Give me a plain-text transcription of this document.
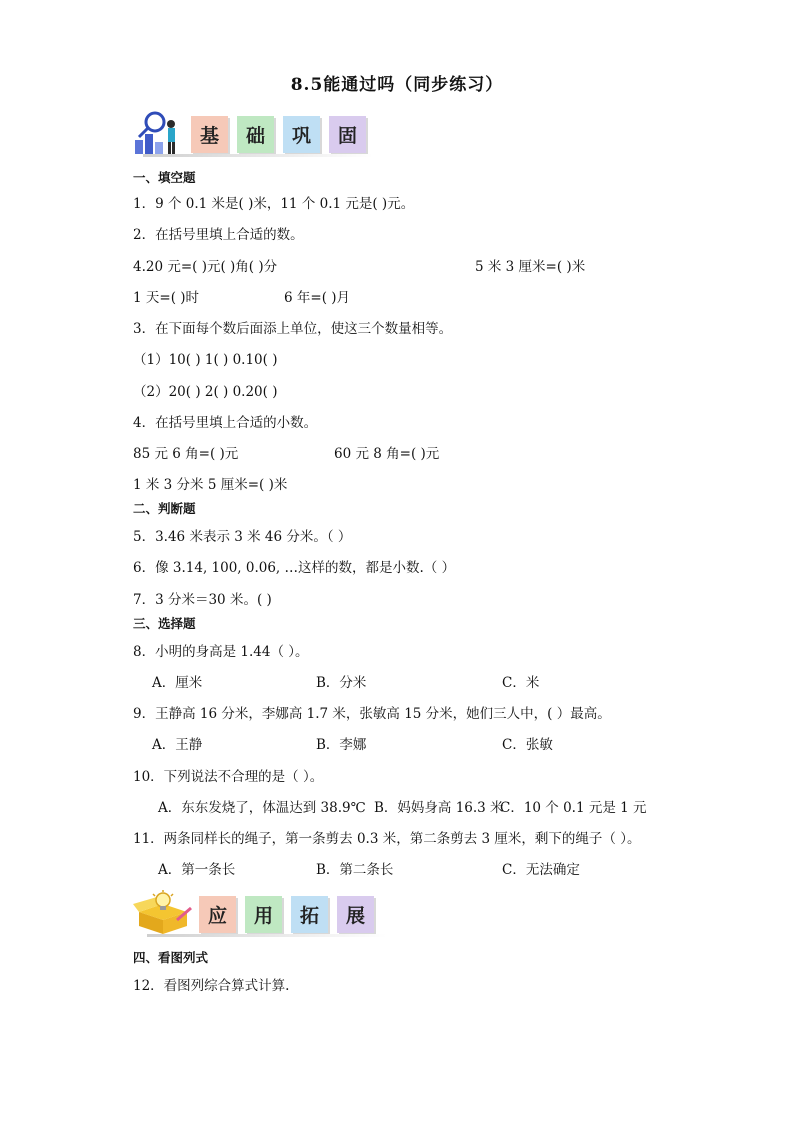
8.5能通过吗（同步练习）
基	础	巩	固
一、填空题
1．9 个 0.1 米是( )米，11 个 0.1 元是( )元。
2．在括号里填上合适的数。
4.20 元=( )元( )角( )分	5 米 3 厘米=( )米
1 天=( )时	6 年=( )月
3．在下面每个数后面添上单位，使这三个数量相等。
（1）10( ) 1( ) 0.10( )
（2）20( ) 2( ) 0.20( )
4．在括号里填上合适的小数。
85 元 6 角=( )元	60 元 8 角=( )元
1 米 3 分米 5 厘米=( )米
二、判断题
5．3.46 米表示 3 米 46 分米。（ ）
6．像 3.14, 100, 0.06, …这样的数，都是小数.（ ）
7．3 分米＝30 米。( )
三、选择题
8．小明的身高是 1.44（ ）。
A．厘米	B．分米	C．米
9．王静高 16 分米，李娜高 1.7 米，张敏高 15 分米，她们三人中，( ）最高。
A．王静	B．李娜	C．张敏
10．下列说法不合理的是（ ）。
A．东东发烧了，体温达到 38.9℃ B．妈妈身高 16.3 米
C．10 个 0.1 元是 1 元
11．两条同样长的绳子，第一条剪去 0.3 米，第二条剪去 3 厘米，剩下的绳子（ ）。
A．第一条长	B．第二条长	C．无法确定
应	用	拓	展
四、看图列式
12．看图列综合算式计算.
